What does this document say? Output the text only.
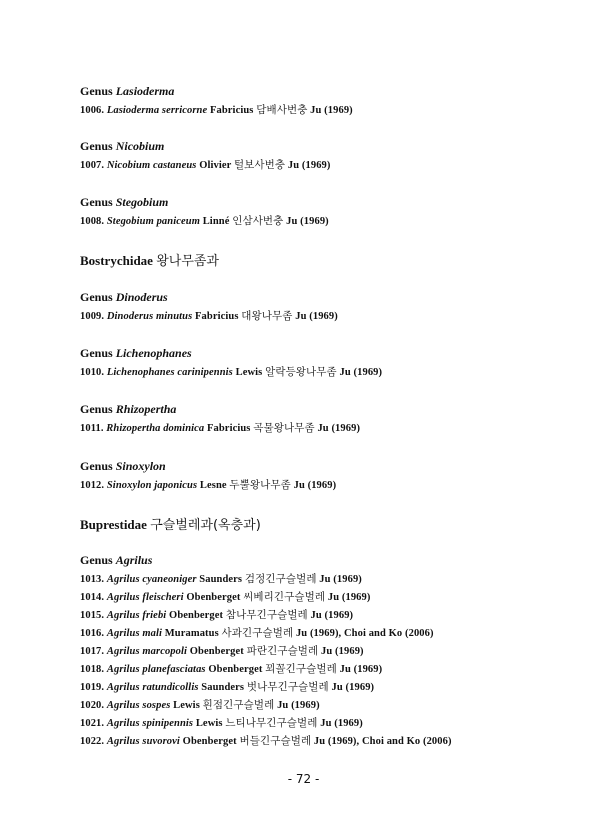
Genus Lasioderma
1006. Lasioderma serricorne Fabricius 담배사번충 Ju (1969)
Genus Nicobium
1007. Nicobium castaneus Olivier 털보사번충 Ju (1969)
Genus Stegobium
1008. Stegobium paniceum Linné 인삼사번충 Ju (1969)
Bostrychidae 왕나무좀과
Genus Dinoderus
1009. Dinoderus minutus Fabricius 대왕나무좀 Ju (1969)
Genus Lichenophanes
1010. Lichenophanes carinipennis Lewis 알락등왕나무좀 Ju (1969)
Genus Rhizopertha
1011. Rhizopertha dominica Fabricius 곡물왕나무좀 Ju (1969)
Genus Sinoxylon
1012. Sinoxylon japonicus Lesne 두뿔왕나무좀 Ju (1969)
Buprestidae 구슬벌레과(옥충과)
Genus Agrilus
1013. Agrilus cyaneoniger Saunders 검정긴구슬벌레 Ju (1969)
1014. Agrilus fleischeri Obenberget 씨베리긴구슬벌레 Ju (1969)
1015. Agrilus friebi Obenberget 참나무긴구슬벌레 Ju (1969)
1016. Agrilus mali Muramatus 사과긴구슬벌레 Ju (1969), Choi and Ko (2006)
1017. Agrilus marcopoli Obenberget 파란긴구슬벌레 Ju (1969)
1018. Agrilus planefasciatas Obenberget 꾀꼴긴구슬벌레 Ju (1969)
1019. Agrilus ratundicollis Saunders 벗나무긴구슬벌레 Ju (1969)
1020. Agrilus sospes Lewis 흰점긴구슬벌레 Ju (1969)
1021. Agrilus spinipennis Lewis 느티나무긴구슬벌레 Ju (1969)
1022. Agrilus suvorovi Obenberget 버들긴구슬벌레 Ju (1969), Choi and Ko (2006)
- 72 -
